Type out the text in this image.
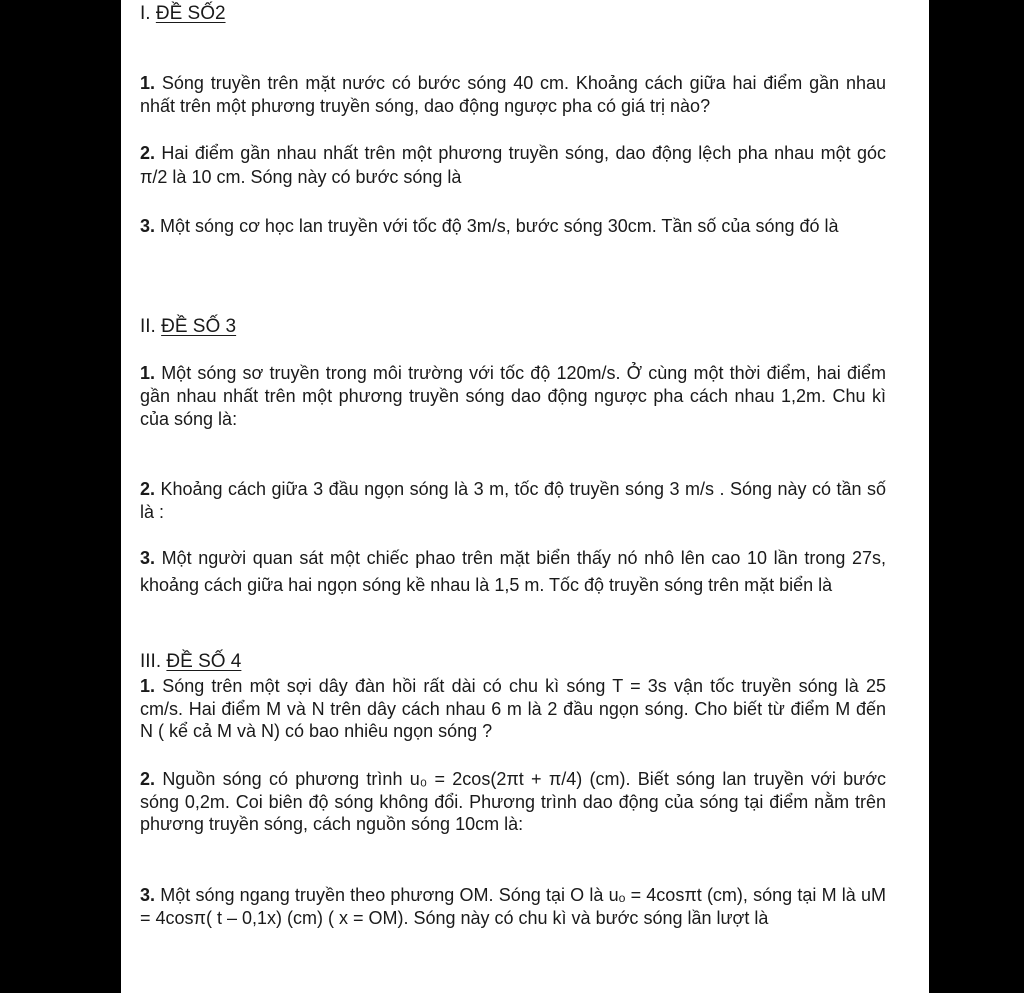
I. ĐỀ SỐ2

1. Sóng truyền trên mặt nước có bước sóng 40 cm. Khoảng cách giữa hai điểm gần nhau nhất trên một phương truyền sóng, dao động ngược pha có giá trị nào?

2. Hai điểm gần nhau nhất trên một phương truyền sóng, dao động lệch pha nhau một góc π/2 là 10 cm. Sóng này có bước sóng là

3. Một sóng cơ học lan truyền với tốc độ 3m/s, bước sóng 30cm. Tần số của sóng đó là

II. ĐỀ SỐ 3

1. Một sóng sơ truyền trong môi trường với tốc độ 120m/s. Ở cùng một thời điểm, hai điểm gần nhau nhất trên một phương truyền sóng dao động ngược pha cách nhau 1,2m. Chu kì của sóng là:

2. Khoảng cách giữa 3 đầu ngọn sóng là 3 m, tốc độ truyền sóng 3 m/s . Sóng này có tần số là :

3. Một người quan sát một chiếc phao trên mặt biển thấy nó nhô lên cao 10 lần trong 27s, khoảng cách giữa hai ngọn sóng kề nhau là 1,5 m. Tốc độ truyền sóng trên mặt biển là

III. ĐỀ SỐ 4

1. Sóng trên một sợi dây đàn hồi rất dài có chu kì sóng T = 3s vận tốc truyền sóng là 25 cm/s. Hai điểm M và N trên dây cách nhau 6 m là 2 đầu ngọn sóng. Cho biết từ điểm M đến N ( kể cả M và N) có bao nhiêu ngọn sóng ?

2. Nguồn sóng có phương trình u₀ = 2cos(2πt + π/4) (cm). Biết sóng lan truyền với bước sóng 0,2m. Coi biên độ sóng không đổi. Phương trình dao động của sóng tại điểm nằm trên phương truyền sóng, cách nguồn sóng 10cm là:

3. Một sóng ngang truyền theo phương OM. Sóng tại O là uₒ = 4cosπt (cm), sóng tại M là uM = 4cosπ( t – 0,1x) (cm) ( x = OM). Sóng này có chu kì và bước sóng lần lượt là
